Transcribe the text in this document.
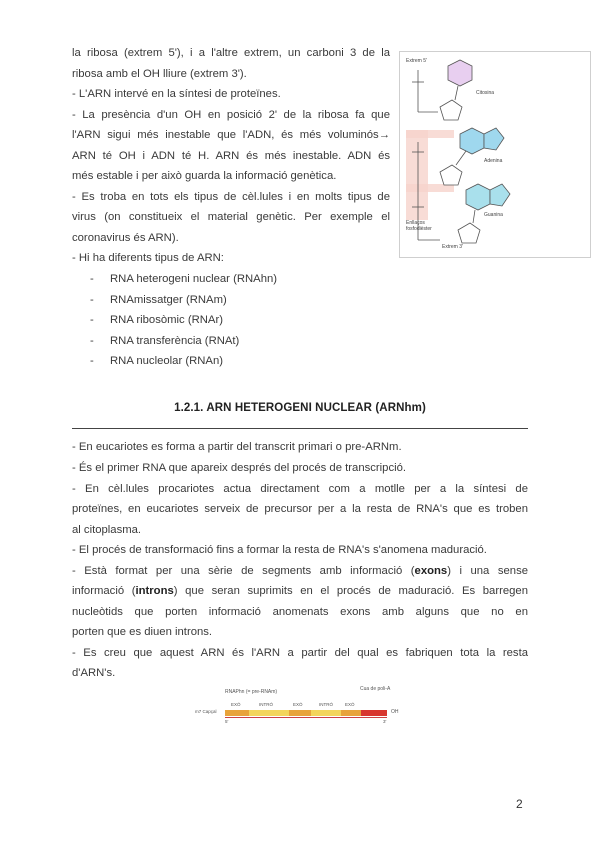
la ribosa (extrem 5'), i a l'altre extrem, un carboni 3 de la
ribosa amb el OH lliure (extrem 3').
- L'ARN intervé en la síntesi de proteïnes.
- La presència d'un OH en posició 2' de la ribosa fa que
l'ARN sigui més inestable que l'ADN, és més voluminós→
ARN té OH i ADN té H. ARN és més inestable. ADN és
més estable i per això guarda la informació genètica.
- Es troba en tots els tipus de cèl.lules i en molts tipus de
virus (on constitueix el material genètic. Per exemple el
coronavirus és ARN).
- Hi ha diferents tipus de ARN:
- RNA heterogeni nuclear (RNAhn)
- RNAmissatger (RNAm)
- RNA ribosòmic (RNAr)
- RNA transferència (RNAt)
- RNA nucleolar (RNAn)
Extrem 5'
Citosina
Adenina
Guanina
Enllaços fosfodièster
Extrem 3'
1.2.1. ARN HETEROGENI NUCLEAR (ARNhm)
- En eucariotes es forma a partir del transcrit primari o pre-ARNm.
- És el primer RNA que apareix després del procés de transcripció.
- En cèl.lules procariotes actua directament com a motlle per a la síntesi de
proteïnes, en eucariotes serveix de precursor per a la resta de RNA's que es troben
al citoplasma.
- El procés de transformació fins a formar la resta de RNA's s'anomena maduració.
- Està format per una sèrie de segments amb informació (exons) i una sense
informació (introns) que seran suprimits en el procés de maduració. Es barregen
nucleòtids que porten informació anomenats exons amb alguns que no en
porten que es diuen introns.
- Es creu que aquest ARN és l'ARN a partir del qual es fabriquen tota la resta
d'ARN's.
RNAPhn (= pre-RNAm)	Cua de poli-A
EXÓ	INTRÓ	EXÓ	INTRÓ	EXÓ
m7 Capçal	OH
5'	3'
2
